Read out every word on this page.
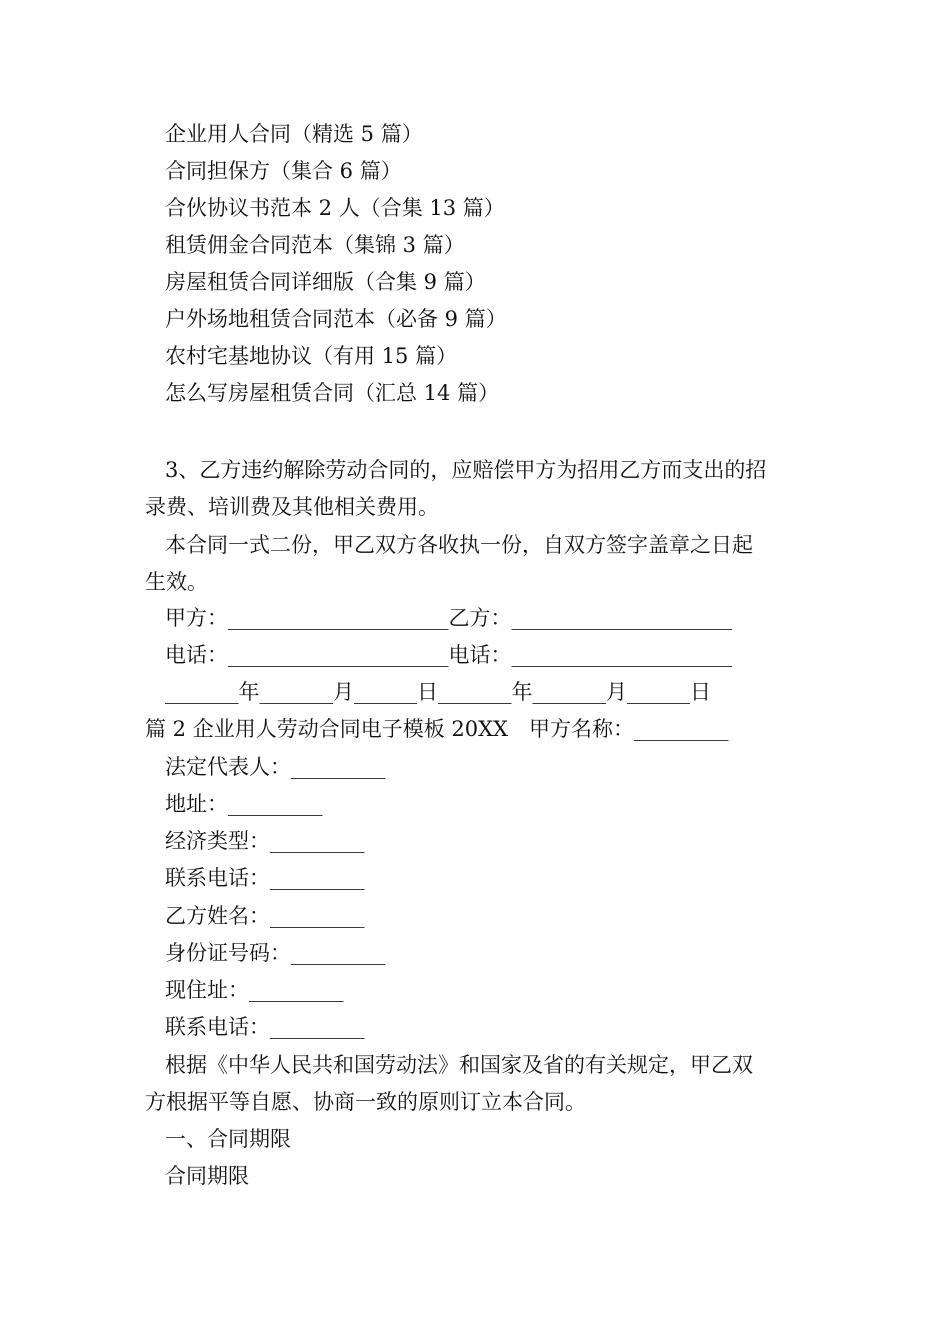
企业用人合同（精选 5 篇）
合同担保方（集合 6 篇）
合伙协议书范本 2 人（合集 13 篇）
租赁佣金合同范本（集锦 3 篇）
房屋租赁合同详细版（合集 9 篇）
户外场地租赁合同范本（必备 9 篇）
农村宅基地协议（有用 15 篇）
怎么写房屋租赁合同（汇总 14 篇）
3、乙方违约解除劳动合同的，应赔偿甲方为招用乙方而支出的招
录费、培训费及其他相关费用。
本合同一式二份，甲乙双方各收执一份，自双方签字盖章之日起
生效。
甲方：_____________________乙方：_____________________
电话：_____________________电话：_____________________
_______年_______月______日_______年_______月______日
篇 2 企业用人劳动合同电子模板 20XX　甲方名称：_________
法定代表人：_________
地址：_________
经济类型：_________
联系电话：_________
乙方姓名：_________
身份证号码：_________
现住址：_________
联系电话：_________
根据《中华人民共和国劳动法》和国家及省的有关规定，甲乙双
方根据平等自愿、协商一致的原则订立本合同。
一、合同期限
合同期限
